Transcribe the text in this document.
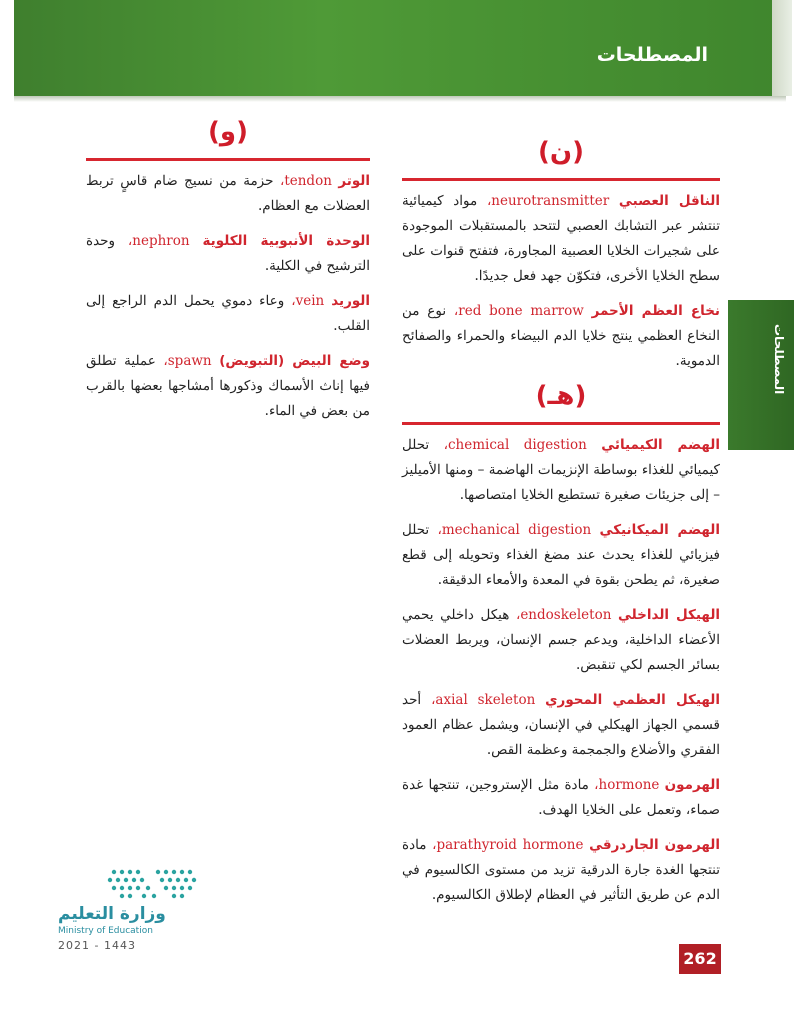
المصطلحات
المصطلحات
(و)

الوتر tendon، حزمة من نسيج ضام قاسٍ تربط العضلات مع العظام.

الوحدة الأنبوبية الكلوية nephron، وحدة الترشيح في الكلية.

الوريد vein، وعاء دموي يحمل الدم الراجع إلى القلب.

وضع البيض (التبويض) spawn، عملية تطلق فيها إناث الأسماك وذكورها أمشاجها بعضها بالقرب من بعض في الماء.

(ن)

الناقل العصبي neurotransmitter، مواد كيميائية تنتشر عبر التشابك العصبي لتتحد بالمستقبلات الموجودة على شجيرات الخلايا العصبية المجاورة، فتفتح قنوات على سطح الخلايا الأخرى، فتكوّن جهد فعل جديدًا.

نخاع العظم الأحمر red bone marrow، نوع من النخاع العظمي ينتج خلايا الدم البيضاء والحمراء والصفائح الدموية.

(هـ)

الهضم الكيميائي chemical digestion، تحلل كيميائي للغذاء بوساطة الإنزيمات الهاضمة – ومنها الأميليز – إلى جزيئات صغيرة تستطيع الخلايا امتصاصها.

الهضم الميكانيكي mechanical digestion، تحلل فيزيائي للغذاء يحدث عند مضغ الغذاء وتحويله إلى قطع صغيرة، ثم يطحن بقوة في المعدة والأمعاء الدقيقة.

الهيكل الداخلي endoskeleton، هيكل داخلي يحمي الأعضاء الداخلية، ويدعم جسم الإنسان، ويربط العضلات بسائر الجسم لكي تنقبض.

الهيكل العظمي المحوري axial skeleton، أحد قسمي الجهاز الهيكلي في الإنسان، ويشمل عظام العمود الفقري والأضلاع والجمجمة وعظمة القص.

الهرمون hormone، مادة مثل الإستروجين، تنتجها غدة صماء، وتعمل على الخلايا الهدف.

الهرمون الجاردرقي parathyroid hormone، مادة تنتجها الغدة جارة الدرقية تزيد من مستوى الكالسيوم في الدم عن طريق التأثير في العظام لإطلاق الكالسيوم.

وزارة التعليم
Ministry of Education
2021 - 1443
262
